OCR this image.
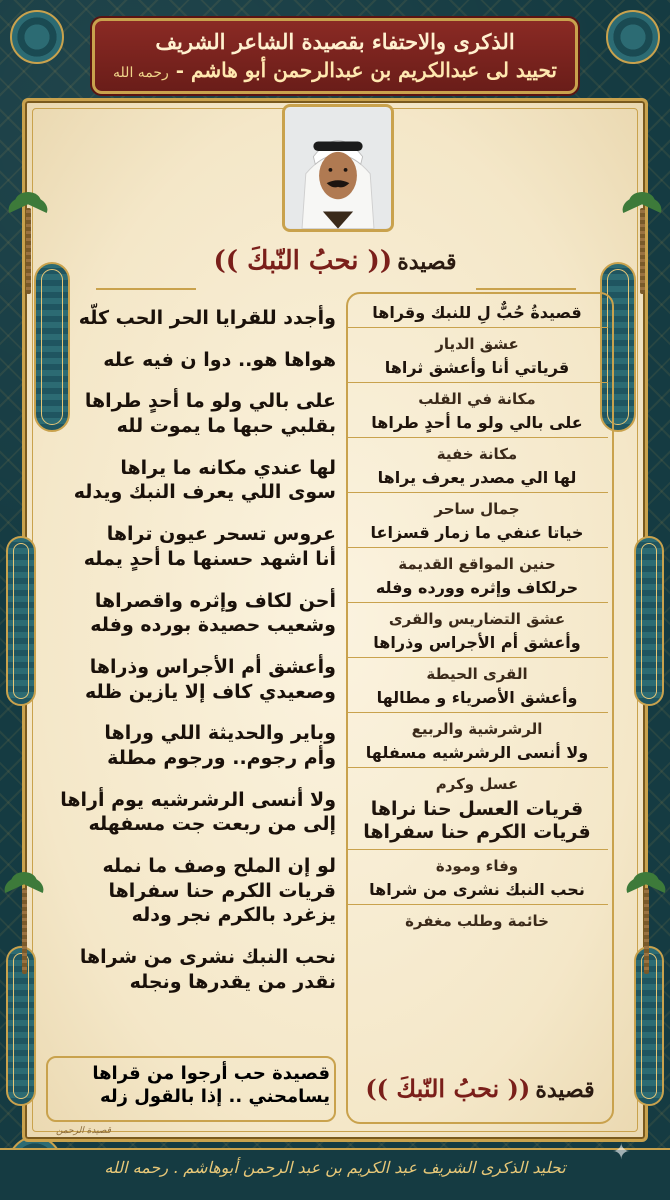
الذكرى والاحتفاء بقصيدة الشاعر الشريف
تحييد لى عبدالكريم بن عبدالرحمن أبو هاشم - رحمه الله
قصيدة (( نحبُ النّبكَ ))
قصيدةُ حُبٌّ لِ للنبك وقراها
عشق الديار
قرياتي أنا وأعشق ثراها
مكانة في القلب
على بالي ولو ما أحدٍ طراها
مكانة خفية
لها الي مصدر يعرف يراها
جمال ساحر
خياتا عنفي ما زمار قسزاعا
حنين المواقع القديمة
حرلكاف وإثره وورده وفله
عشق التضاريس والقرى
وأعشق أم الأجراس وذراها
القرى الحيطة
وأعشق الأصرياء و مطالها
الرشرشية والربيع
ولا أنسى الرشرشيه مسفلها
عسل وكرم
قريات العسل حنا نراها
قريات الكرم حنا سفراها
وفاء ومودة
نحب النبك نشرى من شراها
خائمة وطلب مغفرة
قصيدة (( نحبُ النّبكَ ))
وأجدد للقرايا الحر الحب كلّه
هواها هو.. دوا ن فيه عله
على بالي ولو ما أحدٍ طراها
بقلبي حبها ما يموت لله
لها عندي مكانه ما يراها
سوى اللي يعرف النبك ويدله
عروس تسحر عيون تراها
أنا اشهد حسنها ما أحدٍ يمله
أحن لكاف وإثره واقصراها
وشعيب حصيدة بورده وفله
وأعشق أم الأجراس وذراها
وصعيدي كاف إلا يازين ظله
وباير والحديثة اللي وراها
وأم رجوم.. ورجوم مطلة
ولا أنسى الرشرشيه يوم أراها
إلى من ربعت جت مسفهله
لو إن الملح وصف ما نمله
قريات الكرم حنا سفراها
يزغرد بالكرم نجر ودله
نحب النبك نشرى من شراها
نقدر من يقدرها ونجله
قصيدة حب أرجوا من قراها
يسامحني .. إذا بالقول زله
قصيدة الرحمن
تحليد الذكرى الشريف عبد الكريم بن عبد الرحمن أبوهاشم . رحمه الله
✦
